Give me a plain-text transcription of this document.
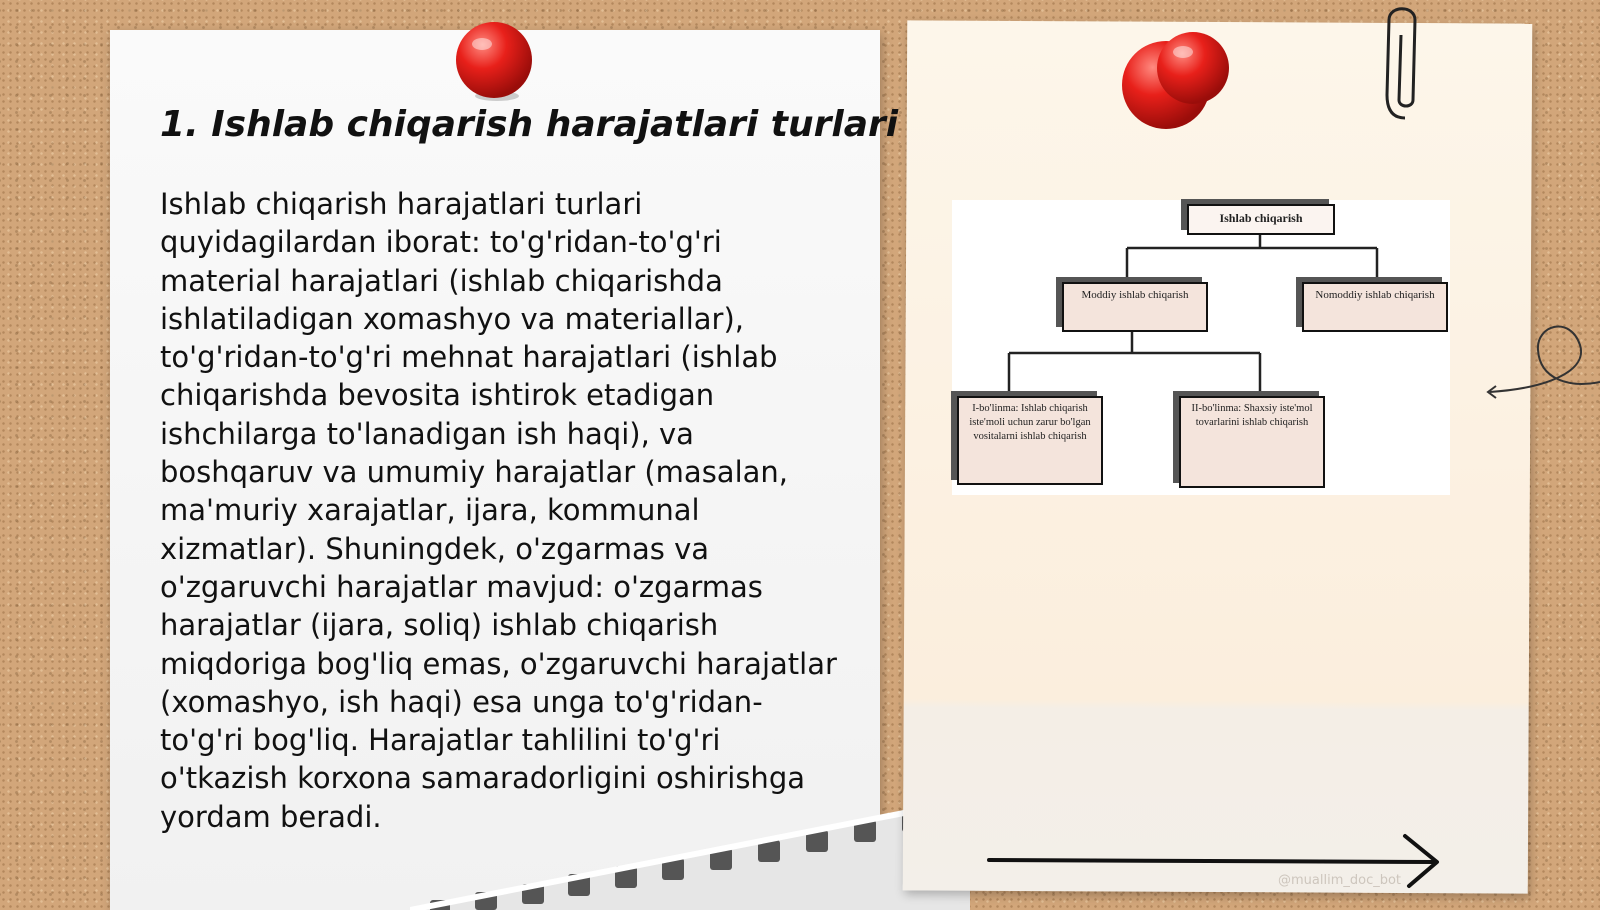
1. Ishlab chiqarish harajatlari turlari

Ishlab chiqarish harajatlari turlari quyidagilardan iborat: to'g'ridan-to'g'ri material harajatlari (ishlab chiqarishda ishlatiladigan xomashyo va materiallar), to'g'ridan-to'g'ri mehnat harajatlari (ishlab chiqarishda bevosita ishtirok etadigan ishchilarga to'lanadigan ish haqi), va boshqaruv va umumiy harajatlar (masalan, ma'muriy xarajatlar, ijara, kommunal xizmatlar). Shuningdek, o'zgarmas va o'zgaruvchi harajatlar mavjud: o'zgarmas harajatlar (ijara, soliq) ishlab chiqarish miqdoriga bog'liq emas, o'zgaruvchi harajatlar (xomashyo, ish haqi) esa unga to'g'ridan-to'g'ri bog'liq. Harajatlar tahlilini to'g'ri o'tkazish korxona samaradorligini oshirishga yordam beradi.

Ishlab chiqarish
Moddiy ishlab chiqarish	Nomoddiy ishlab chiqarish
I-bo'linma: Ishlab chiqarish iste'moli uchun zarur bo'lgan vositalarni ishlab chiqarish
II-bo'linma: Shaxsiy iste'mol tovarlarini ishlab chiqarish
@muallim_doc_bot
